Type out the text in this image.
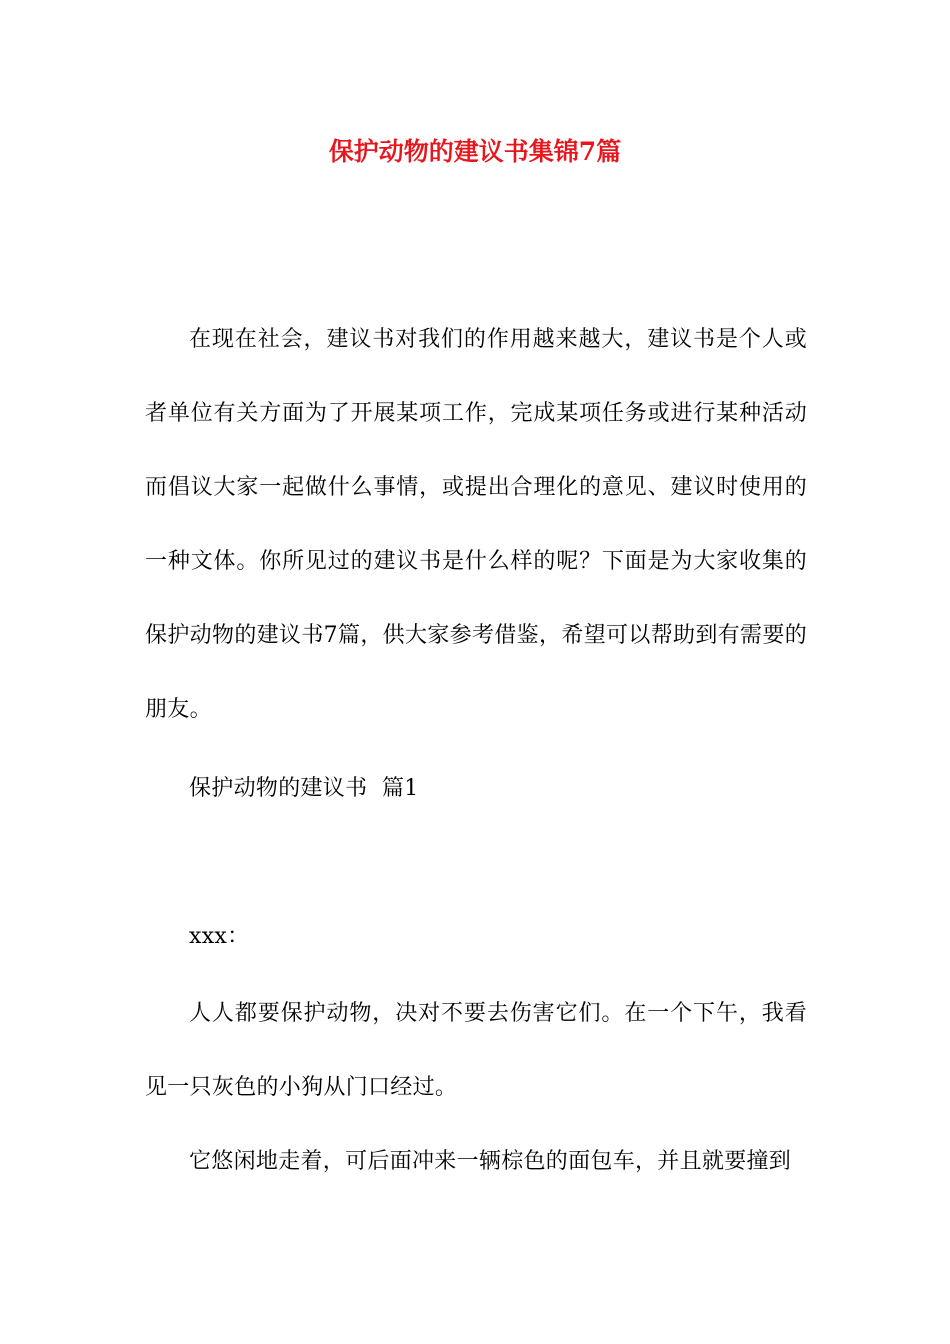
保护动物的建议书集锦7篇

在现在社会，建议书对我们的作用越来越大，建议书是个人或者单位有关方面为了开展某项工作，完成某项任务或进行某种活动而倡议大家一起做什么事情，或提出合理化的意见、建议时使用的一种文体。你所见过的建议书是什么样的呢？下面是为大家收集的保护动物的建议书7篇，供大家参考借鉴，希望可以帮助到有需要的朋友。

保护动物的建议书  篇1

xxx：

人人都要保护动物，决对不要去伤害它们。在一个下午，我看见一只灰色的小狗从门口经过。

它悠闲地走着，可后面冲来一辆棕色的面包车，并且就要撞到
